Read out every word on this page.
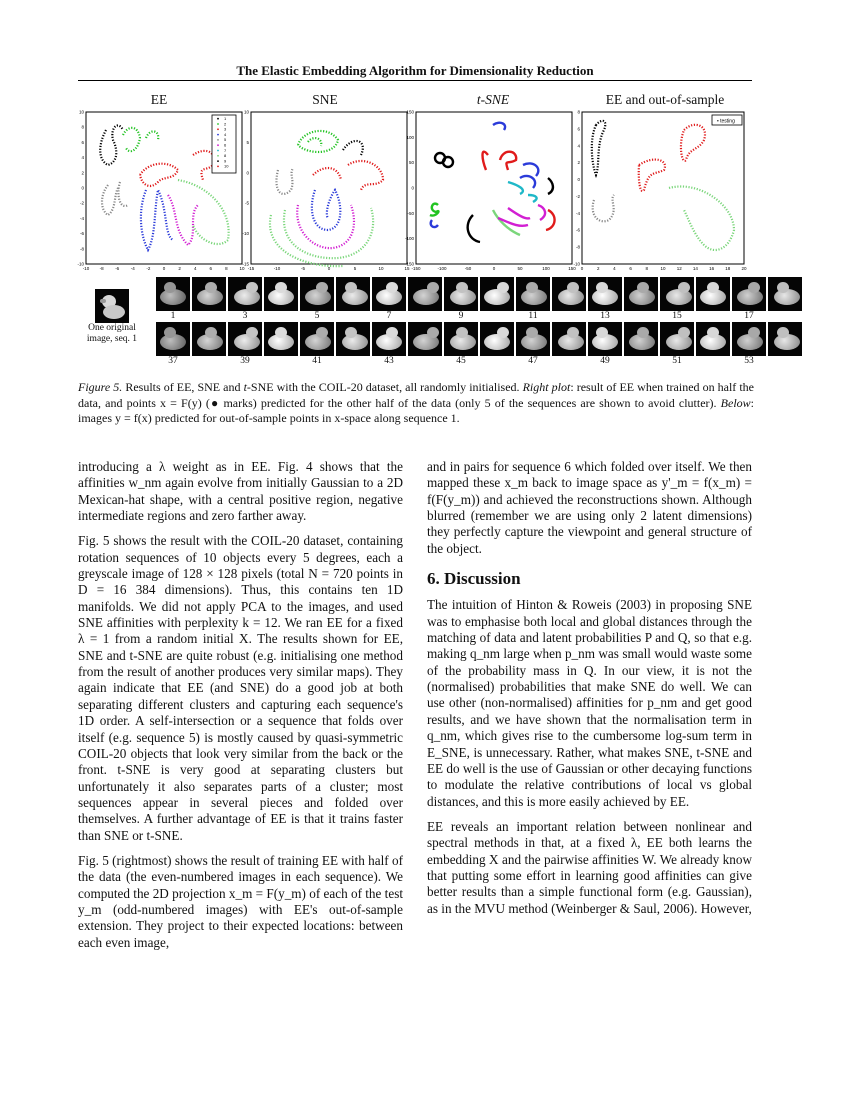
The Elastic Embedding Algorithm for Dimensionality Reduction
EE	SNE	t-SNE	EE and out-of-sample
1
2
3
4
5
6
7
8
9
10
10
8
6
4
2
0
-2
-4
-6
-8
-10
-10 -8	-6	-4	-2	0	2	4	6	8	10
10
5
0
-5
-10
-15
-15	-10	-5	0	5	10	15
150
100
50
0
-50
-100
-150
-150	-100	-50	0	50	100	150
• testing
8
6
4
2
0
-2
-4
-6
-8
-10
0	2	4	6	8	10 12 14 16 18 20
One original image, seq. 1
1	3	5	7	9	11	13	15	17
37	39	41	43	45	47	49	51	53
Figure 5. Results of EE, SNE and t-SNE with the COIL-20 dataset, all randomly initialised. Right plot: result of EE when trained on half the data, and points x = F(y) (● marks) predicted for the other half of the data (only 5 of the sequences are shown to avoid clutter). Below: images y = f(x) predicted for out-of-sample points in x-space along sequence 1.

introducing a λ weight as in EE. Fig. 4 shows that the affinities w_nm again evolve from initially Gaussian to a 2D Mexican-hat shape, with a central positive region, negative intermediate regions and zero farther away.

Fig. 5 shows the result with the COIL-20 dataset, containing rotation sequences of 10 objects every 5 degrees, each a greyscale image of 128 × 128 pixels (total N = 720 points in D = 16 384 dimensions). Thus, this contains ten 1D manifolds. We did not apply PCA to the images, and used SNE affinities with perplexity k = 12. We ran EE for a fixed λ = 1 from a random initial X. The results shown for EE, SNE and t-SNE are quite robust (e.g. initialising one method from the result of another produces very similar maps). They again indicate that EE (and SNE) do a good job at both separating different clusters and capturing each sequence's 1D order. A self-intersection or a sequence that folds over itself (e.g. sequence 5) is mostly caused by quasi-symmetric COIL-20 objects that look very similar from the back or the front. t-SNE is very good at separating clusters but unfortunately it also separates parts of a cluster; most sequences appear in several pieces and folded over themselves. A further advantage of EE is that it trains faster than SNE or t-SNE.

Fig. 5 (rightmost) shows the result of training EE with half of the data (the even-numbered images in each sequence). We computed the 2D projection x_m = F(y_m) of each of the test y_m (odd-numbered images) with EE's out-of-sample extension. They project to their expected locations: between each even image,

and in pairs for sequence 6 which folded over itself. We then mapped these x_m back to image space as y'_m = f(x_m) = f(F(y_m)) and achieved the reconstructions shown. Although blurred (remember we are using only 2 latent dimensions) they perfectly capture the viewpoint and general structure of the object.

6. Discussion

The intuition of Hinton & Roweis (2003) in proposing SNE was to emphasise both local and global distances through the matching of data and latent probabilities P and Q, so that e.g. making q_nm large when p_nm was small would waste some of the probability mass in Q. In our view, it is not the (normalised) probabilities that make SNE do well. We can use other (non-normalised) affinities for p_nm and get good results, and we have shown that the normalisation term in q_nm, which gives rise to the cumbersome log-sum term in E_SNE, is unnecessary. Rather, what makes SNE, t-SNE and EE do well is the use of Gaussian or other decaying functions to modulate the relative contributions of local vs global distances, and this is more easily achieved by EE.

EE reveals an important relation between nonlinear and spectral methods in that, at a fixed λ, EE both learns the embedding X and the pairwise affinities W. We already know that putting some effort in learning good affinities can give better results than a simple functional form (e.g. Gaussian), as in the MVU method (Weinberger & Saul, 2006). However,
